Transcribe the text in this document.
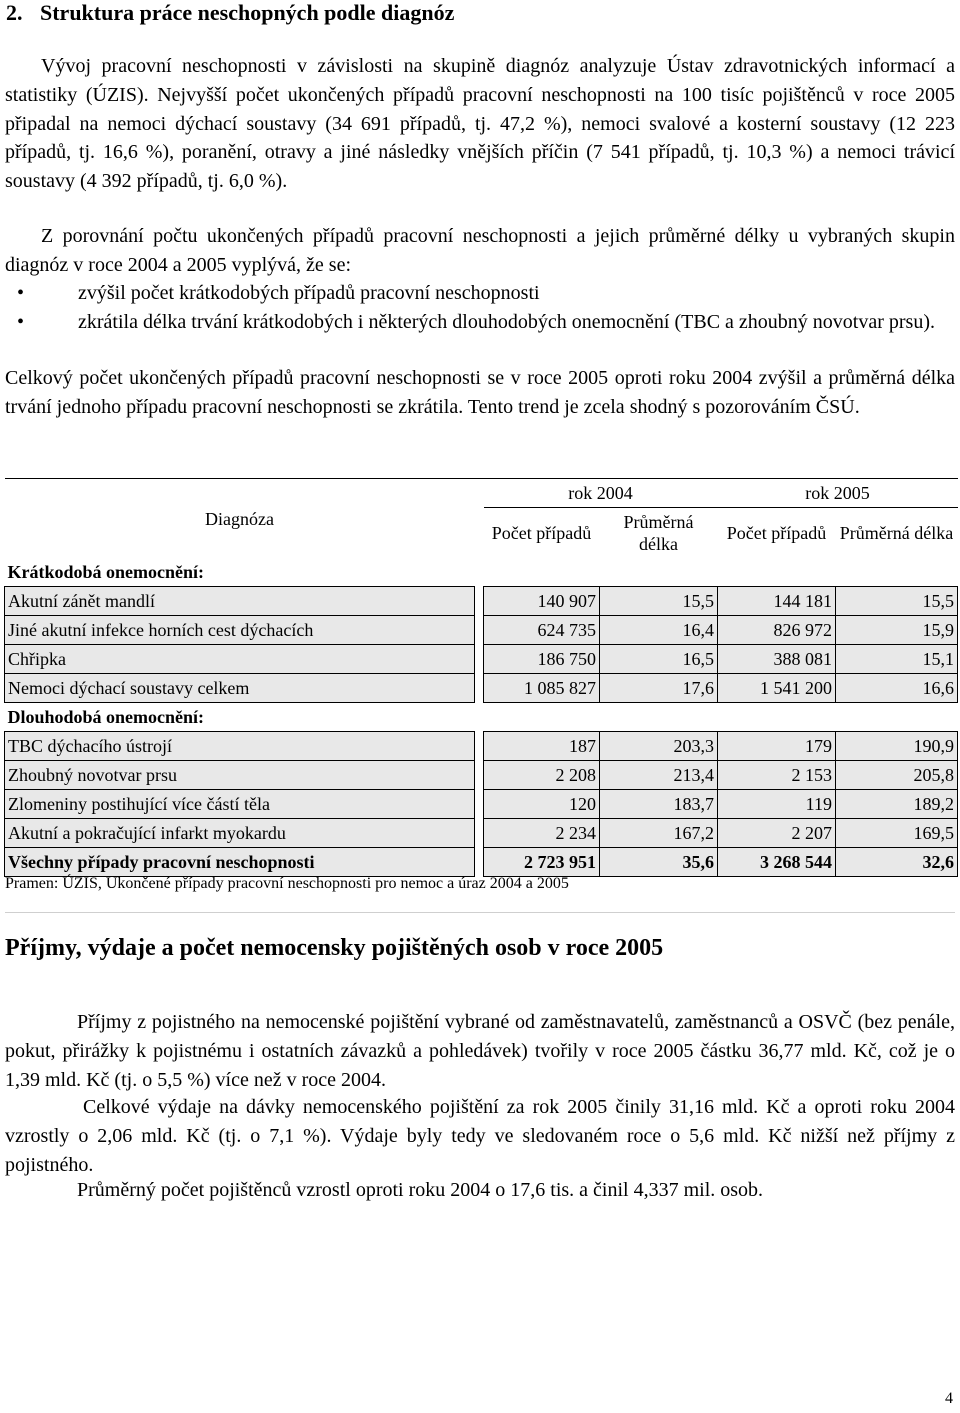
2. Struktura práce neschopných podle diagnóz

Vývoj pracovní neschopnosti v závislosti na skupině diagnóz analyzuje Ústav zdravotnických informací a statistiky (ÚZIS). Nejvyšší počet ukončených případů pracovní neschopnosti na 100 tisíc pojištěnců v roce 2005 připadal na nemoci dýchací soustavy (34 691 případů, tj. 47,2 %), nemoci svalové a kosterní soustavy (12 223 případů, tj. 16,6 %), poranění, otravy a jiné následky vnějších příčin (7 541 případů, tj. 10,3 %) a nemoci trávicí soustavy (4 392 případů, tj. 6,0 %).

Z porovnání počtu ukončených případů pracovní neschopnosti a jejich průměrné délky u vybraných skupin diagnóz v roce 2004 a 2005 vyplývá, že se:

•	zvýšil počet krátkodobých případů pracovní neschopnosti
•	zkrátila délka trvání krátkodobých i některých dlouhodobých onemocnění (TBC a zhoubný novotvar prsu).

Celkový počet ukončených případů pracovní neschopnosti se v roce 2005 oproti roku 2004 zvýšil a průměrná délka trvání jednoho případu pracovní neschopnosti se zkrátila. Tento trend je zcela shodný s pozorováním ČSÚ.

Diagnóza		rok 2004		rok 2005	
		Počet případů	Průměrná délka	Počet případů	Průměrná délka
Krátkodobá onemocnění:					
Akutní zánět mandlí		140 907	15,5	144 181	15,5
Jiné akutní infekce horních cest dýchacích		624 735	16,4	826 972	15,9
Chřipka		186 750	16,5	388 081	15,1
Nemoci dýchací soustavy celkem		1 085 827	17,6	1 541 200	16,6
Dlouhodobá onemocnění:					
TBC dýchacího ústrojí		187	203,3	179	190,9
Zhoubný novotvar prsu		2 208	213,4	2 153	205,8
Zlomeniny postihující více částí těla		120	183,7	119	189,2
Akutní a pokračující infarkt myokardu		2 234	167,2	2 207	169,5
Všechny případy pracovní neschopnosti		2 723 951	35,6	3 268 544	32,6

Pramen: ÚZIS, Ukončené případy pracovní neschopnosti pro nemoc a úraz 2004 a 2005

Příjmy, výdaje a počet nemocensky pojištěných osob v roce 2005

Příjmy z pojistného na nemocenské pojištění vybrané od zaměstnavatelů, zaměstnanců a OSVČ (bez penále, pokut, přirážky k pojistnému i ostatních závazků a pohledávek) tvořily v roce 2005 částku 36,77 mld. Kč, což je o 1,39 mld. Kč (tj. o 5,5 %) více než v roce 2004.

Celkové výdaje na dávky nemocenského pojištění za rok 2005 činily 31,16 mld. Kč a oproti roku 2004 vzrostly o 2,06 mld. Kč (tj. o 7,1 %). Výdaje byly tedy ve sledovaném roce o 5,6 mld. Kč nižší než příjmy z pojistného.

Průměrný počet pojištěnců vzrostl oproti roku 2004 o 17,6 tis. a činil 4,337 mil. osob.

4
